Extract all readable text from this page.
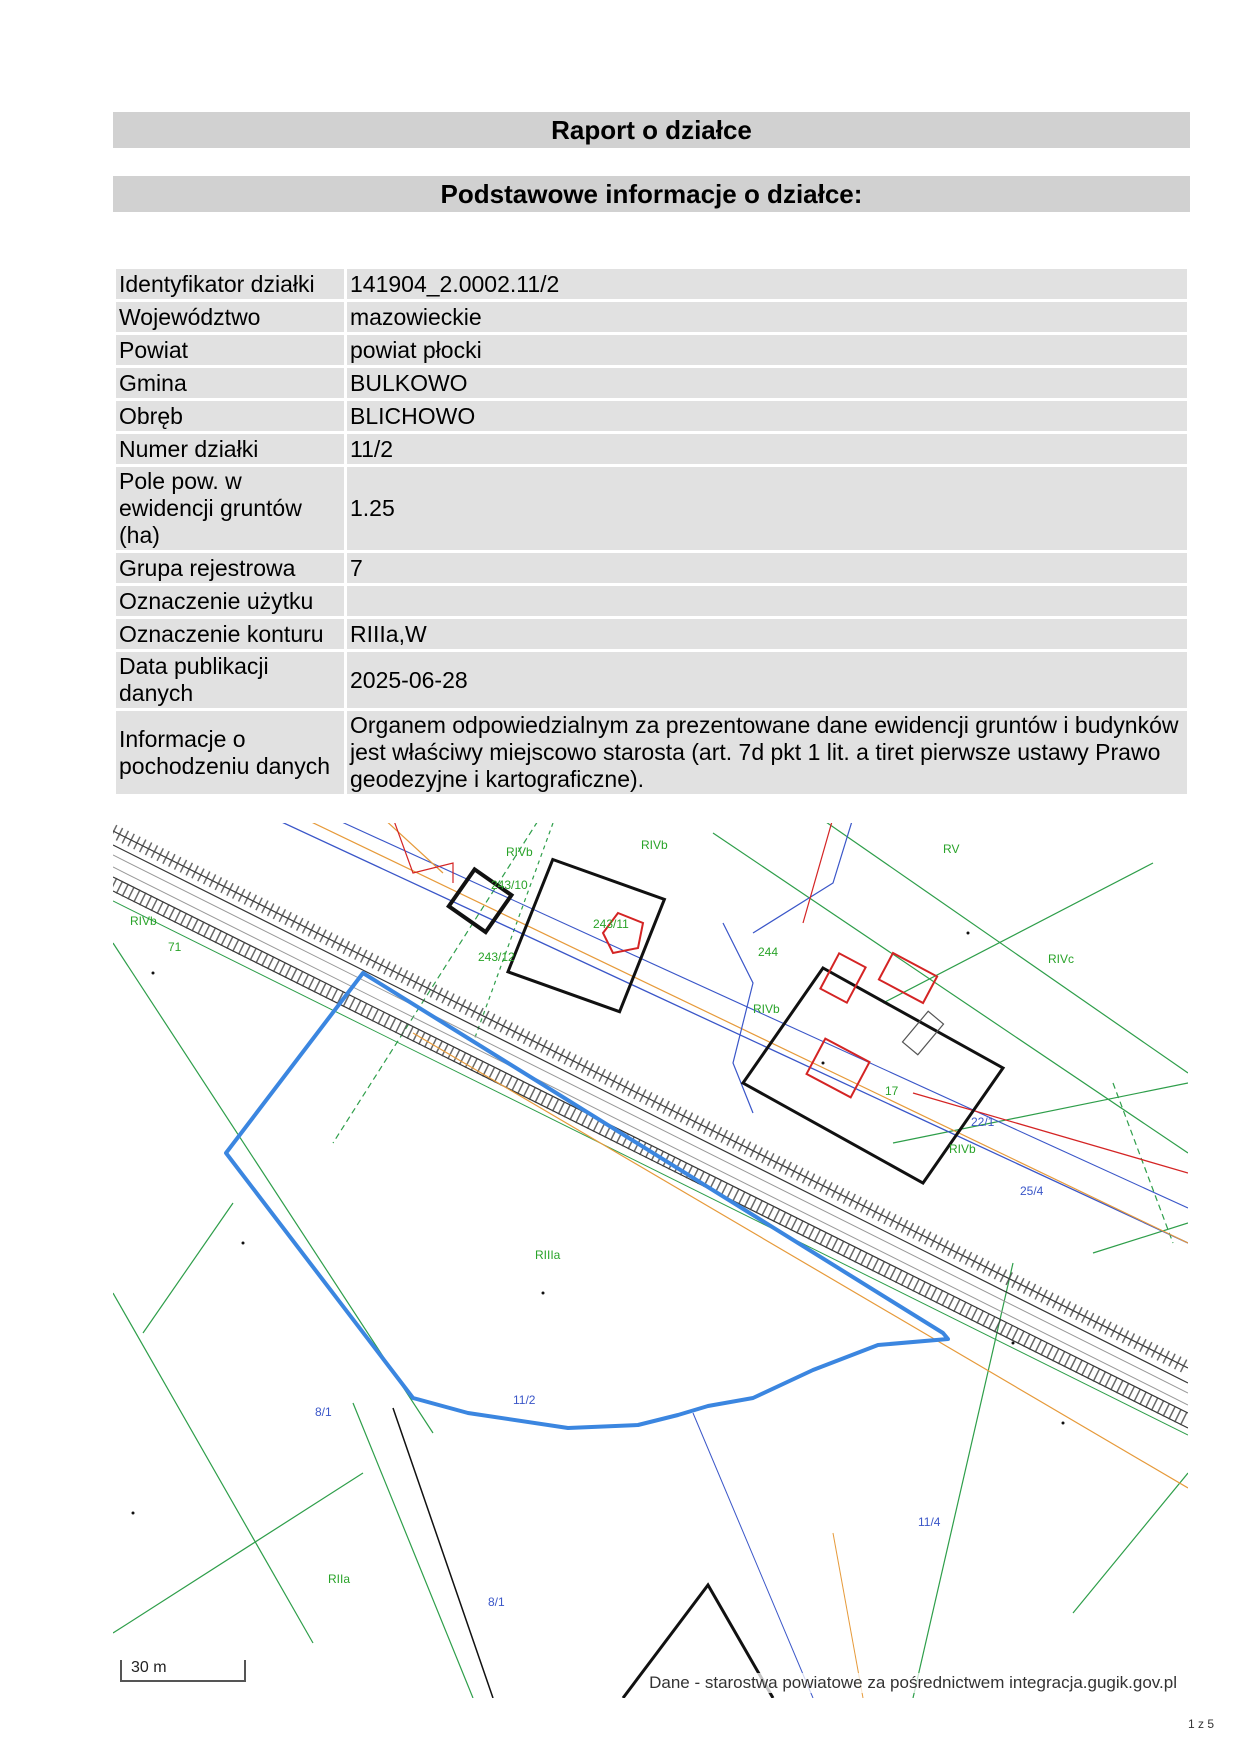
Raport o działce
Podstawowe informacje o działce:
Identyfikator działki	141904_2.0002.11/2
Województwo	mazowieckie
Powiat	powiat płocki
Gmina	BULKOWO
Obręb	BLICHOWO
Numer działki	11/2
Pole pow. w ewidencji gruntów (ha)	1.25
Grupa rejestrowa	7
Oznaczenie użytku	
Oznaczenie konturu	RIIIa,W
Data publikacji danych	2025-06-28
Informacje o pochodzeniu danych	Organem odpowiedzialnym za prezentowane dane ewidencji gruntów i budynków jest właściwy miejscowo starosta (art. 7d pkt 1 lit. a tiret pierwsze ustawy Prawo geodezyjne i kartograficzne).
RIVb
71
RIVb
243/10
243/11
243/12
RIVb	RV
244	RIVc
RIVb
17
22/1
RIVb
25/4
RIIIa
11/2
8/1
11/4
RIIa
8/1
30 m
Dane - starostwa powiatowe za pośrednictwem integracja.gugik.gov.pl
1 z 5
